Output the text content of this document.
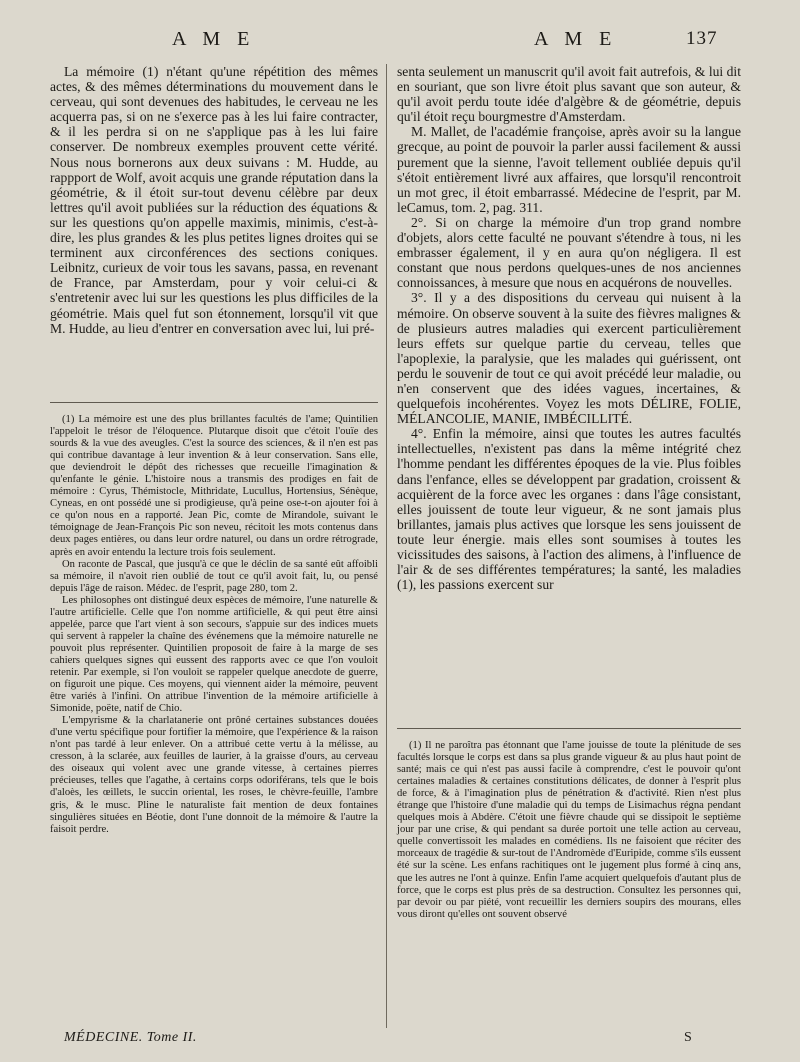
A M E	A M E	137

La mémoire (1) n'étant qu'une répétition des mêmes actes, & des mêmes déterminations du mouvement dans le cerveau, qui sont devenues des habitudes, le cerveau ne les acquerra pas, si on ne s'exerce pas à les lui faire contracter, & il les perdra si on ne s'applique pas à les lui faire conserver. De nombreux exemples prouvent cette vérité. Nous nous bornerons aux deux suivans : M. Hudde, au rappport de Wolf, avoit acquis une grande réputation dans la géométrie, & il étoit sur-tout devenu célèbre par deux lettres qu'il avoit publiées sur la réduction des équations & sur les questions qu'on appelle maximis, minimis, c'est-à-dire, les plus grandes & les plus petites lignes droites qui se terminent aux circonférences des sections coniques. Leibnitz, curieux de voir tous les savans, passa, en revenant de France, par Amsterdam, pour y voir celui-ci & s'entretenir avec lui sur les questions les plus difficiles de la géométrie. Mais quel fut son étonnement, lorsqu'il vit que M. Hudde, au lieu d'entrer en conversation avec lui, lui pré-

(1) La mémoire est une des plus brillantes facultés de l'ame; Quintilien l'appeloit le trésor de l'éloquence. Plutarque disoit que c'étoit l'ouïe des sourds & la vue des aveugles. C'est la source des sciences, & il n'en est pas qui contribue davantage à leur invention & à leur conservation. Sans elle, que deviendroit le dépôt des richesses que recueille l'imagination & qu'enfante le génie. L'histoire nous a transmis des prodiges en fait de mémoire : Cyrus, Thémistocle, Mithridate, Lucullus, Hortensius, Sénèque, Cyneas, en ont possédé une si prodigieuse, qu'à peine ose-t-on ajouter foi à ce qu'on nous en a rapporté. Jean Pic, comte de Mirandole, suivant le témoignage de Jean-François Pic son neveu, récitoit les mots contenus dans deux pages entières, ou dans leur ordre naturel, ou dans un ordre rétrograde, après en avoir entendu la lecture trois fois seulement.

On raconte de Pascal, que jusqu'à ce que le déclin de sa santé eût affoibli sa mémoire, il n'avoit rien oublié de tout ce qu'il avoit fait, lu, ou pensé depuis l'âge de raison. Médec. de l'esprit, page 280, tom 2.

Les philosophes ont distingué deux espèces de mémoire, l'une naturelle & l'autre artificielle. Celle que l'on nomme artificielle, & qui peut être ainsi appelée, parce que l'art vient à son secours, s'appuie sur des indices muets qui servent à rappeler la chaîne des événemens que la mémoire naturelle ne pouvoit plus représenter. Quintilien proposoit de faire à la marge de ses cahiers quelques signes qui eussent des rapports avec ce que l'on vouloit retenir. Par exemple, si l'on vouloit se rappeler quelque anecdote de guerre, on figuroit une pique. Ces moyens, qui viennent aider la mémoire, peuvent être variés à l'infini. On attribue l'invention de la mémoire artificielle à Simonide, poëte, natif de Chio.

L'empyrisme & la charlatanerie ont prôné certaines substances douées d'une vertu spécifique pour fortifier la mémoire, que l'expérience & la raison n'ont pas tardé à leur enlever. On a attribué cette vertu à la mélisse, au cresson, à la sclarée, aux feuilles de laurier, à la graisse d'ours, au cerveau des oiseaux qui volent avec une grande vitesse, à certaines pierres précieuses, telles que l'agathe, à certains corps odoriférans, tels que le bois d'aloès, les œillets, le succin oriental, les roses, le chèvre-feuille, l'ambre gris, & le musc. Pline le naturaliste fait mention de deux fontaines singulières situées en Béotie, dont l'une donnoit de la mémoire & l'autre la faisoit perdre.

MÉDECINE. Tome II.

senta seulement un manuscrit qu'il avoit fait autrefois, & lui dit en souriant, que son livre étoit plus savant que son auteur, & qu'il avoit perdu toute idée d'algèbre & de géométrie, depuis qu'il étoit reçu bourgmestre d'Amsterdam.

M. Mallet, de l'académie françoise, après avoir su la langue grecque, au point de pouvoir la parler aussi facilement & aussi purement que la sienne, l'avoit tellement oubliée depuis qu'il s'étoit entièrement livré aux affaires, que lorsqu'il rencontroit un mot grec, il étoit embarrassé. Médecine de l'esprit, par M. leCamus, tom. 2, pag. 311.

2°. Si on charge la mémoire d'un trop grand nombre d'objets, alors cette faculté ne pouvant s'étendre à tous, ni les embrasser également, il y en aura qu'on négligera. Il est constant que nous perdons quelques-unes de nos anciennes connoissances, à mesure que nous en acquérons de nouvelles.

3°. Il y a des dispositions du cerveau qui nuisent à la mémoire. On observe souvent à la suite des fièvres malignes & de plusieurs autres maladies qui exercent particulièrement leurs effets sur quelque partie du cerveau, telles que l'apoplexie, la paralysie, que les malades qui guérissent, ont perdu le souvenir de tout ce qui avoit précédé leur maladie, ou n'en conservent que des idées vagues, incertaines, & quelquefois incohérentes. Voyez les mots DÉLIRE, FOLIE, MÉLANCOLIE, MANIE, IMBÉCILLITÉ.

4°. Enfin la mémoire, ainsi que toutes les autres facultés intellectuelles, n'existent pas dans la même intégrité chez l'homme pendant les différentes époques de la vie. Plus foibles dans l'enfance, elles se développent par gradation, croissent & acquièrent de la force avec les organes : dans l'âge consistant, elles jouissent de toute leur vigueur, & ne sont jamais plus brillantes, jamais plus actives que lorsque les sens jouissent de toute leur énergie. mais elles sont soumises à toutes les vicissitudes des saisons, à l'action des alimens, à l'influence de l'air & de ses différentes températures; la santé, les maladies (1), les passions exercent sur

(1) Il ne paroîtra pas étonnant que l'ame jouisse de toute la plénitude de ses facultés lorsque le corps est dans sa plus grande vigueur & au plus haut point de santé; mais ce qui n'est pas aussi facile à comprendre, c'est le pouvoir qu'ont certaines maladies & certaines constitutions délicates, de donner à l'esprit plus de force, & à l'imagination plus de pénétration & d'activité. Rien n'est plus étrange que l'histoire d'une maladie qui du temps de Lisimachus régna pendant quelques mois à Abdère. C'étoit une fièvre chaude qui se dissipoit le septième jour par une crise, & qui pendant sa durée portoit une telle action au cerveau, quelle convertissoit les malades en comédiens. Ils ne faisoient que réciter des morceaux de tragédie & sur-tout de l'Andromède d'Euripide, comme s'ils eussent été sur la scène. Les enfans rachitiques ont le jugement plus formé à cinq ans, que les autres ne l'ont à quinze. Enfin l'ame acquiert quelquefois d'autant plus de force, que le corps est plus près de sa destruction. Consultez les personnes qui, par devoir ou par piété, vont recueillir les derniers soupirs des mourans, elles vous diront qu'elles ont souvent observé

S
